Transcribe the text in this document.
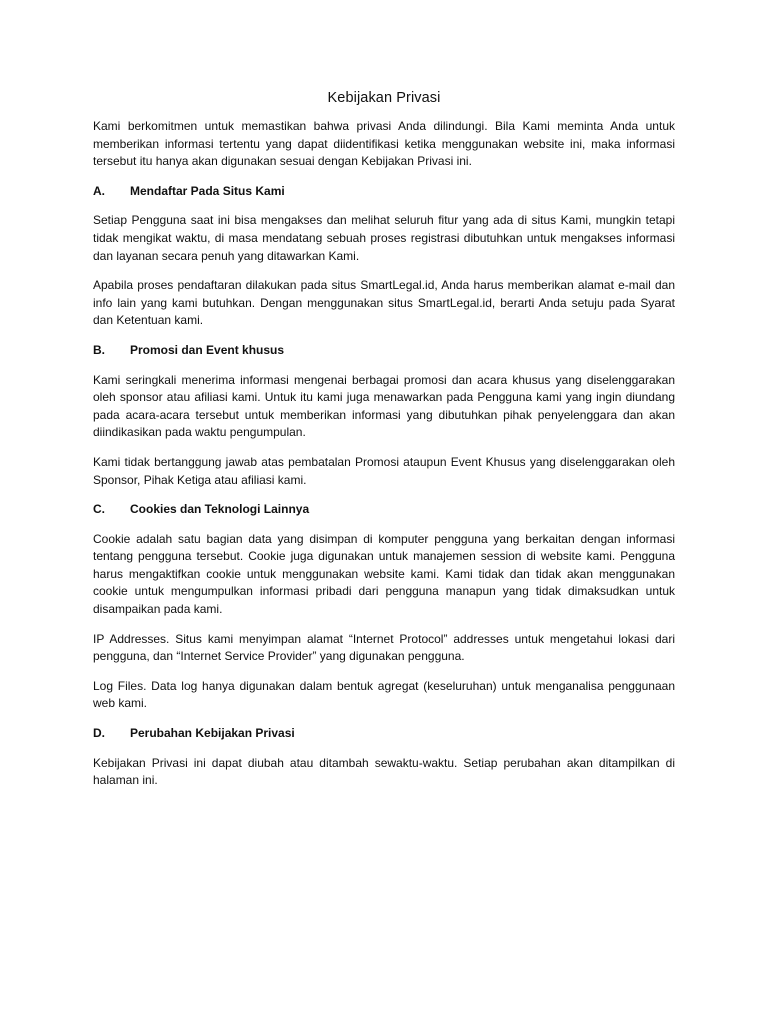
Kebijakan Privasi

Kami berkomitmen untuk memastikan bahwa privasi Anda dilindungi. Bila Kami meminta Anda untuk memberikan informasi tertentu yang dapat diidentifikasi ketika menggunakan website ini, maka informasi tersebut itu hanya akan digunakan sesuai dengan Kebijakan Privasi ini.

A.	Mendaftar Pada Situs Kami

Setiap Pengguna saat ini bisa mengakses dan melihat seluruh fitur yang ada di situs Kami, mungkin tetapi tidak mengikat waktu, di masa mendatang sebuah proses registrasi dibutuhkan untuk mengakses informasi dan layanan secara penuh yang ditawarkan Kami.

Apabila proses pendaftaran dilakukan pada situs SmartLegal.id, Anda harus memberikan alamat e-mail dan info lain yang kami butuhkan. Dengan menggunakan situs SmartLegal.id, berarti Anda setuju pada Syarat dan Ketentuan kami.

B.	Promosi dan Event khusus

Kami seringkali menerima informasi mengenai berbagai promosi dan acara khusus yang diselenggarakan oleh sponsor atau afiliasi kami. Untuk itu kami juga menawarkan pada Pengguna kami yang ingin diundang pada acara-acara tersebut untuk memberikan informasi yang dibutuhkan pihak penyelenggara dan akan diindikasikan pada waktu pengumpulan.

Kami tidak bertanggung jawab atas pembatalan Promosi ataupun Event Khusus yang diselenggarakan oleh Sponsor, Pihak Ketiga atau afiliasi kami.

C.	Cookies dan Teknologi Lainnya

Cookie adalah satu bagian data yang disimpan di komputer pengguna yang berkaitan dengan informasi tentang pengguna tersebut. Cookie juga digunakan untuk manajemen session di website kami. Pengguna harus mengaktifkan cookie untuk menggunakan website kami. Kami tidak dan tidak akan menggunakan cookie untuk mengumpulkan informasi pribadi dari pengguna manapun yang tidak dimaksudkan untuk disampaikan pada kami.

IP Addresses. Situs kami menyimpan alamat “Internet Protocol” addresses untuk mengetahui lokasi dari pengguna, dan “Internet Service Provider” yang digunakan pengguna.

Log Files. Data log hanya digunakan dalam bentuk agregat (keseluruhan) untuk menganalisa penggunaan web kami.

D.	Perubahan Kebijakan Privasi

Kebijakan Privasi ini dapat diubah atau ditambah sewaktu-waktu. Setiap perubahan akan ditampilkan di halaman ini.
